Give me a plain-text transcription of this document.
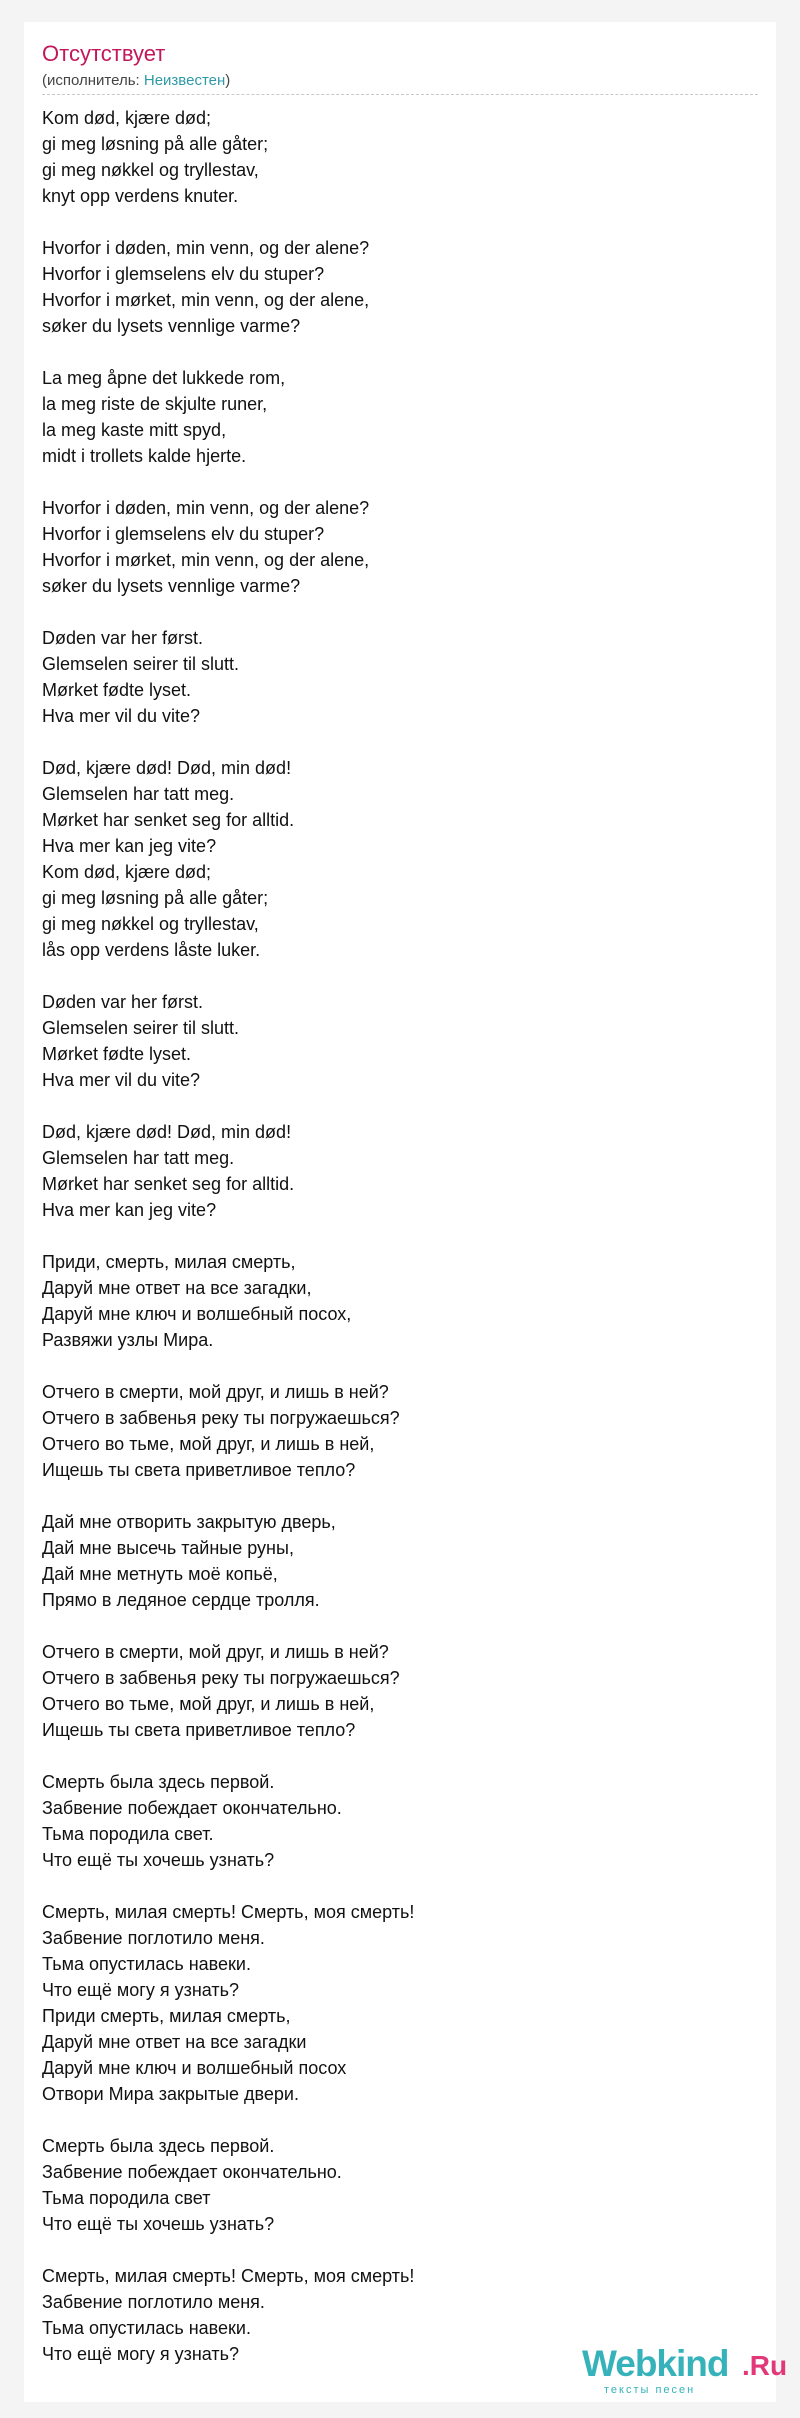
Отсутствует
(исполнитель: Неизвестен)
Kom død, kjære død;
gi meg løsning på alle gåter;
gi meg nøkkel og tryllestav,
knyt opp verdens knuter.
Hvorfor i døden, min venn, og der alene?
Hvorfor i glemselens elv du stuper?
Hvorfor i mørket, min venn, og der alene,
søker du lysets vennlige varme?
La meg åpne det lukkede rom,
la meg riste de skjulte runer,
la meg kaste mitt spyd,
midt i trollets kalde hjerte.
Hvorfor i døden, min venn, og der alene?
Hvorfor i glemselens elv du stuper?
Hvorfor i mørket, min venn, og der alene,
søker du lysets vennlige varme?
Døden var her først.
Glemselen seirer til slutt.
Mørket fødte lyset.
Hva mer vil du vite?
Død, kjære død! Død, min død!
Glemselen har tatt meg.
Mørket har senket seg for alltid.
Hva mer kan jeg vite?
Kom død, kjære død;
gi meg løsning på alle gåter;
gi meg nøkkel og tryllestav,
lås opp verdens låste luker.
Døden var her først.
Glemselen seirer til slutt.
Mørket fødte lyset.
Hva mer vil du vite?
Død, kjære død! Død, min død!
Glemselen har tatt meg.
Mørket har senket seg for alltid.
Hva mer kan jeg vite?
Приди, смерть, милая смерть,
Даруй мне ответ на все загадки,
Даруй мне ключ и волшебный посох,
Развяжи узлы Мира.
Отчего в смерти, мой друг, и лишь в ней?
Отчего в забвенья реку ты погружаешься?
Отчего во тьме, мой друг, и лишь в ней,
Ищешь ты света приветливое тепло?
Дай мне отворить закрытую дверь,
Дай мне высечь тайные руны,
Дай мне метнуть моё копьё,
Прямо в ледяное сердце тролля.
Отчего в смерти, мой друг, и лишь в ней?
Отчего в забвенья реку ты погружаешься?
Отчего во тьме, мой друг, и лишь в ней,
Ищешь ты света приветливое тепло?
Смерть была здесь первой.
Забвение побеждает окончательно.
Тьма породила свет.
Что ещё ты хочешь узнать?
Смерть, милая смерть! Смерть, моя смерть!
Забвение поглотило меня.
Тьма опустилась навеки.
Что ещё могу я узнать?
Приди смерть, милая смерть,
Даруй мне ответ на все загадки
Даруй мне ключ и волшебный посох
Отвори Мира закрытые двери.
Смерть была здесь первой.
Забвение побеждает окончательно.
Тьма породила свет
Что ещё ты хочешь узнать?
Смерть, милая смерть! Смерть, моя смерть!
Забвение поглотило меня.
Тьма опустилась навеки.
Что ещё могу я узнать?	Webkind .Ru
тексты песен
